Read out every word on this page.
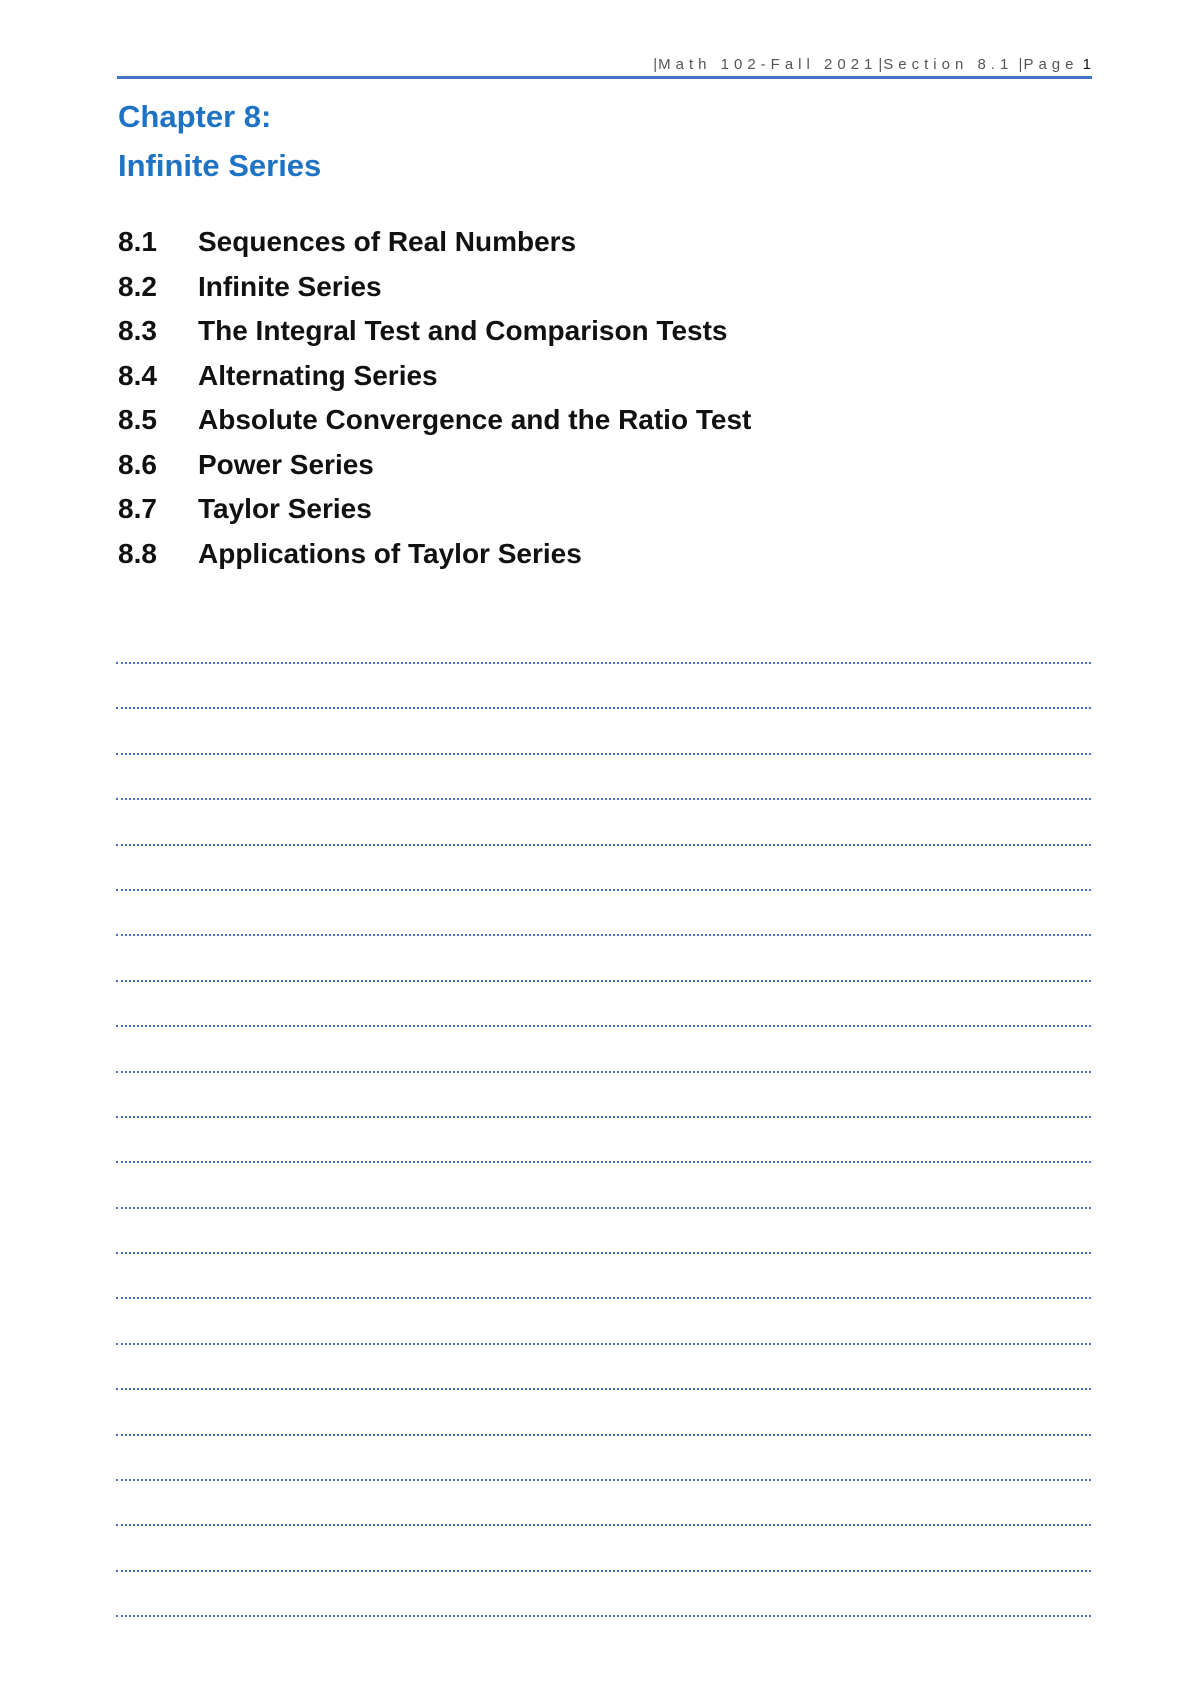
|Math 102-Fall 2021|Section 8.1 |Page 1
Chapter 8:
Infinite Series
8.1 Sequences of Real Numbers
8.2 Infinite Series
8.3 The Integral Test and Comparison Tests
8.4 Alternating Series
8.5 Absolute Convergence and the Ratio Test
8.6 Power Series
8.7 Taylor Series
8.8 Applications of Taylor Series
